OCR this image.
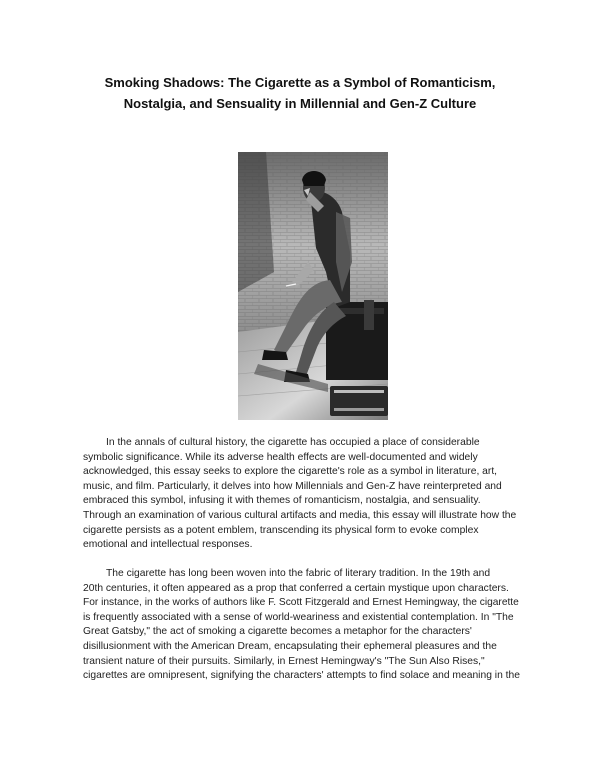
Smoking Shadows: The Cigarette as a Symbol of Romanticism,
Nostalgia, and Sensuality in Millennial and Gen-Z Culture
In the annals of cultural history, the cigarette has occupied a place of considerable
symbolic significance. While its adverse health effects are well-documented and widely
acknowledged, this essay seeks to explore the cigarette's role as a symbol in literature, art,
music, and film. Particularly, it delves into how Millennials and Gen-Z have reinterpreted and
embraced this symbol, infusing it with themes of romanticism, nostalgia, and sensuality.
Through an examination of various cultural artifacts and media, this essay will illustrate how the
cigarette persists as a potent emblem, transcending its physical form to evoke complex
emotional and intellectual responses.
The cigarette has long been woven into the fabric of literary tradition. In the 19th and
20th centuries, it often appeared as a prop that conferred a certain mystique upon characters.
For instance, in the works of authors like F. Scott Fitzgerald and Ernest Hemingway, the cigarette
is frequently associated with a sense of world-weariness and existential contemplation. In "The
Great Gatsby," the act of smoking a cigarette becomes a metaphor for the characters'
disillusionment with the American Dream, encapsulating their ephemeral pleasures and the
transient nature of their pursuits. Similarly, in Ernest Hemingway's "The Sun Also Rises,"
cigarettes are omnipresent, signifying the characters' attempts to find solace and meaning in the
